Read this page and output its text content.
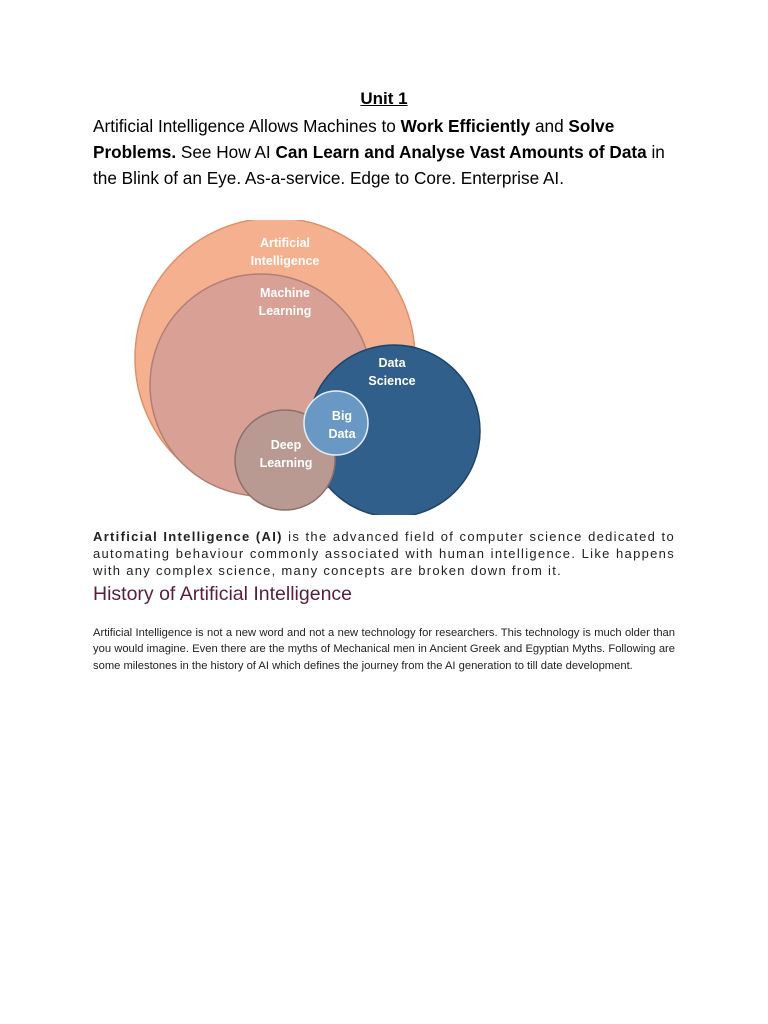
Unit 1
Artificial Intelligence Allows Machines to Work Efficiently and Solve Problems. See How AI Can Learn and Analyse Vast Amounts of Data in the Blink of an Eye. As-a-service. Edge to Core. Enterprise AI.
Artificial
Intelligence
Machine
Learning
Data
Science
Big
Data
Deep
Learning
Artificial Intelligence (AI) is the advanced field of computer science dedicated to automating behaviour commonly associated with human intelligence. Like happens with any complex science, many concepts are broken down from it.
History of Artificial Intelligence
Artificial Intelligence is not a new word and not a new technology for researchers. This technology is much older than you would imagine. Even there are the myths of Mechanical men in Ancient Greek and Egyptian Myths. Following are some milestones in the history of AI which defines the journey from the AI generation to till date development.
